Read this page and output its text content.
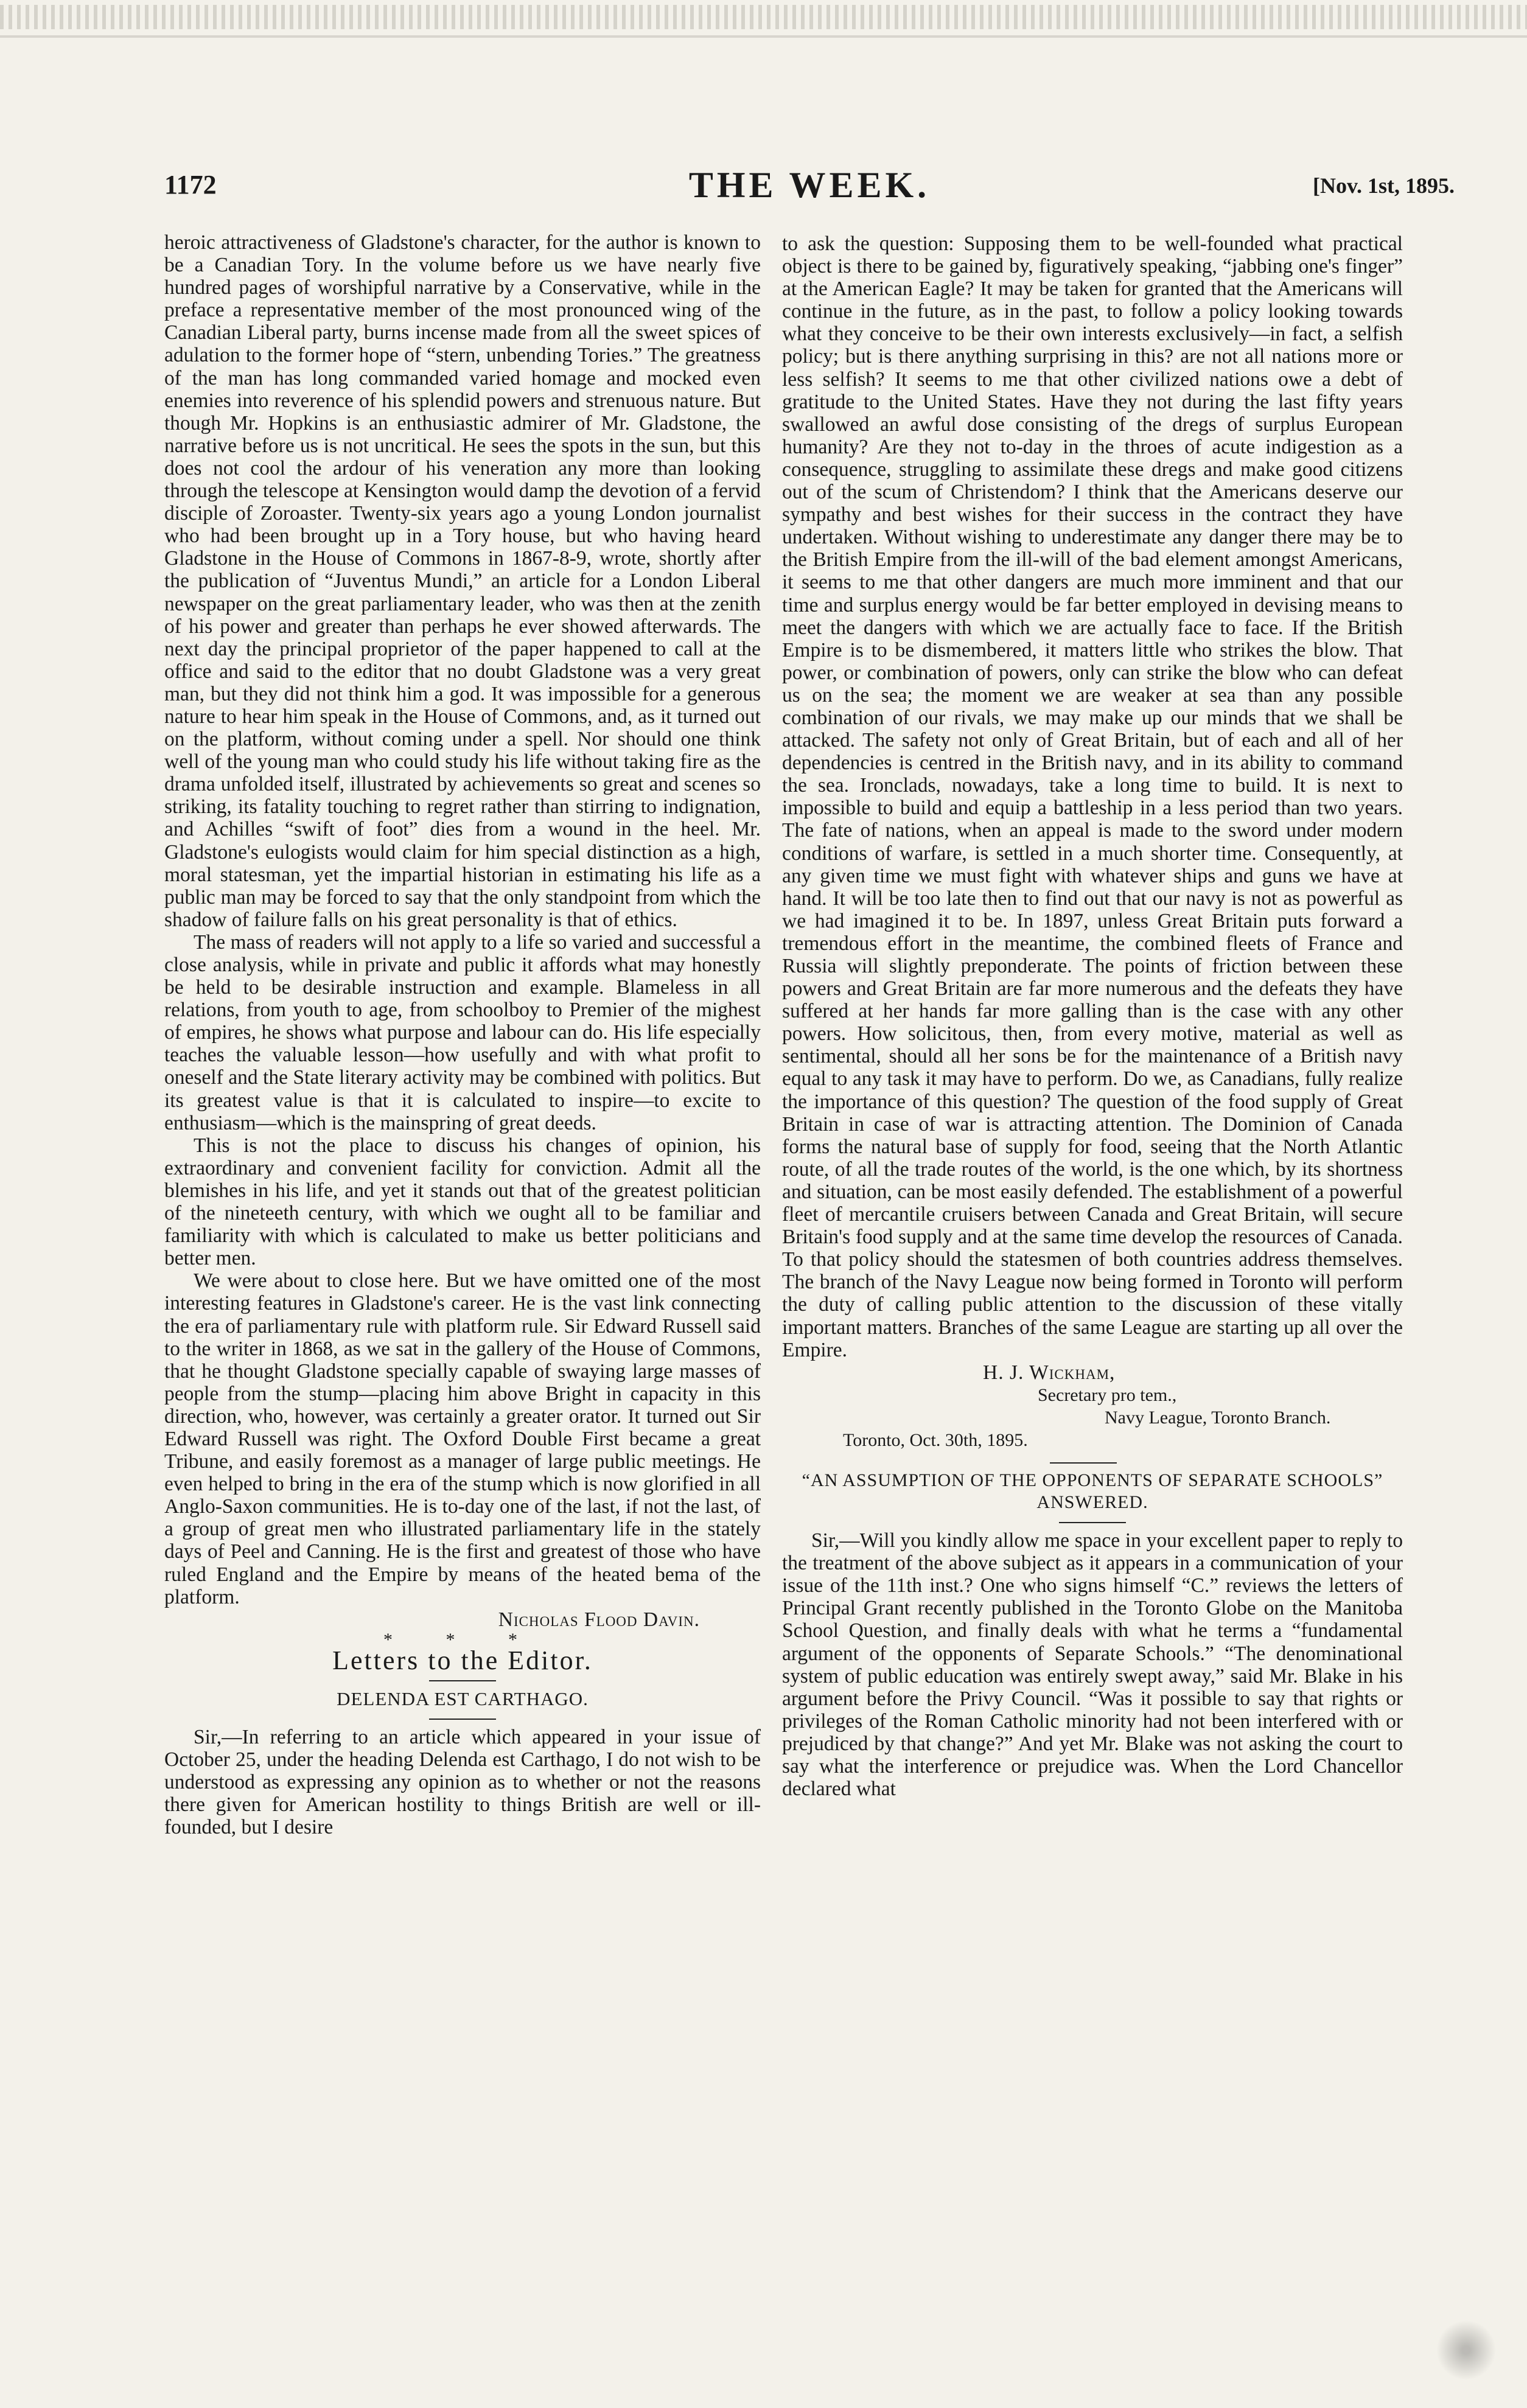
1172	THE WEEK.	[Nov. 1st, 1895.

heroic attractiveness of Gladstone's character, for the author is known to be a Canadian Tory. In the volume before us we have nearly five hundred pages of worshipful narrative by a Conservative, while in the preface a representative member of the most pronounced wing of the Canadian Liberal party, burns incense made from all the sweet spices of adulation to the former hope of “stern, unbending Tories.” The greatness of the man has long commanded varied homage and mocked even enemies into reverence of his splendid powers and strenuous nature. But though Mr. Hopkins is an enthusiastic admirer of Mr. Gladstone, the narrative before us is not uncritical. He sees the spots in the sun, but this does not cool the ardour of his veneration any more than looking through the telescope at Kensington would damp the devotion of a fervid disciple of Zoroaster. Twenty-six years ago a young London journalist who had been brought up in a Tory house, but who having heard Gladstone in the House of Commons in 1867-8-9, wrote, shortly after the publication of “Juventus Mundi,” an article for a London Liberal newspaper on the great parliamentary leader, who was then at the zenith of his power and greater than perhaps he ever showed afterwards. The next day the principal proprietor of the paper happened to call at the office and said to the editor that no doubt Gladstone was a very great man, but they did not think him a god. It was impossible for a generous nature to hear him speak in the House of Commons, and, as it turned out on the platform, without coming under a spell. Nor should one think well of the young man who could study his life without taking fire as the drama unfolded itself, illustrated by achievements so great and scenes so striking, its fatality touching to regret rather than stirring to indignation, and Achilles “swift of foot” dies from a wound in the heel. Mr. Gladstone's eulogists would claim for him special distinction as a high, moral statesman, yet the impartial historian in estimating his life as a public man may be forced to say that the only standpoint from which the shadow of failure falls on his great personality is that of ethics.

The mass of readers will not apply to a life so varied and successful a close analysis, while in private and public it affords what may honestly be held to be desirable instruction and example. Blameless in all relations, from youth to age, from schoolboy to Premier of the mighest of empires, he shows what purpose and labour can do. His life especially teaches the valuable lesson—how usefully and with what profit to oneself and the State literary activity may be combined with politics. But its greatest value is that it is calculated to inspire—to excite to enthusiasm—which is the mainspring of great deeds.

This is not the place to discuss his changes of opinion, his extraordinary and convenient facility for conviction. Admit all the blemishes in his life, and yet it stands out that of the greatest politician of the nineteeth century, with which we ought all to be familiar and familiarity with which is calculated to make us better politicians and better men.

We were about to close here. But we have omitted one of the most interesting features in Gladstone's career. He is the vast link connecting the era of parliamentary rule with platform rule. Sir Edward Russell said to the writer in 1868, as we sat in the gallery of the House of Commons, that he thought Gladstone specially capable of swaying large masses of people from the stump—placing him above Bright in capacity in this direction, who, however, was certainly a greater orator. It turned out Sir Edward Russell was right. The Oxford Double First became a great Tribune, and easily foremost as a manager of large public meetings. He even helped to bring in the era of the stump which is now glorified in all Anglo-Saxon communities. He is to-day one of the last, if not the last, of a group of great men who illustrated parliamentary life in the stately days of Peel and Canning. He is the first and greatest of those who have ruled England and the Empire by means of the heated bema of the platform.

Nicholas Flood Davin.

* * *

Letters to the Editor.

DELENDA EST CARTHAGO.

Sir,—In referring to an article which appeared in your issue of October 25, under the heading Delenda est Carthago, I do not wish to be understood as expressing any opinion as to whether or not the reasons there given for American hostility to things British are well or ill-founded, but I desire

to ask the question: Supposing them to be well-founded what practical object is there to be gained by, figuratively speaking, “jabbing one's finger” at the American Eagle? It may be taken for granted that the Americans will continue in the future, as in the past, to follow a policy looking towards what they conceive to be their own interests exclusively—in fact, a selfish policy; but is there anything surprising in this? are not all nations more or less selfish? It seems to me that other civilized nations owe a debt of gratitude to the United States. Have they not during the last fifty years swallowed an awful dose consisting of the dregs of surplus European humanity? Are they not to-day in the throes of acute indigestion as a consequence, struggling to assimilate these dregs and make good citizens out of the scum of Christendom? I think that the Americans deserve our sympathy and best wishes for their success in the contract they have undertaken. Without wishing to underestimate any danger there may be to the British Empire from the ill-will of the bad element amongst Americans, it seems to me that other dangers are much more imminent and that our time and surplus energy would be far better employed in devising means to meet the dangers with which we are actually face to face. If the British Empire is to be dismembered, it matters little who strikes the blow. That power, or combination of powers, only can strike the blow who can defeat us on the sea; the moment we are weaker at sea than any possible combination of our rivals, we may make up our minds that we shall be attacked. The safety not only of Great Britain, but of each and all of her dependencies is centred in the British navy, and in its ability to command the sea. Ironclads, nowadays, take a long time to build. It is next to impossible to build and equip a battleship in a less period than two years. The fate of nations, when an appeal is made to the sword under modern conditions of warfare, is settled in a much shorter time. Consequently, at any given time we must fight with whatever ships and guns we have at hand. It will be too late then to find out that our navy is not as powerful as we had imagined it to be. In 1897, unless Great Britain puts forward a tremendous effort in the meantime, the combined fleets of France and Russia will slightly preponderate. The points of friction between these powers and Great Britain are far more numerous and the defeats they have suffered at her hands far more galling than is the case with any other powers. How solicitous, then, from every motive, material as well as sentimental, should all her sons be for the maintenance of a British navy equal to any task it may have to perform. Do we, as Canadians, fully realize the importance of this question? The question of the food supply of Great Britain in case of war is attracting attention. The Dominion of Canada forms the natural base of supply for food, seeing that the North Atlantic route, of all the trade routes of the world, is the one which, by its shortness and situation, can be most easily defended. The establishment of a powerful fleet of mercantile cruisers between Canada and Great Britain, will secure Britain's food supply and at the same time develop the resources of Canada. To that policy should the statesmen of both countries address themselves. The branch of the Navy League now being formed in Toronto will perform the duty of calling public attention to the discussion of these vitally important matters. Branches of the same League are starting up all over the Empire.

H. J. Wickham,

Secretary pro tem.,

Navy League, Toronto Branch.

Toronto, Oct. 30th, 1895.

“AN ASSUMPTION OF THE OPPONENTS OF SEPARATE SCHOOLS” ANSWERED.

Sir,—Will you kindly allow me space in your excellent paper to reply to the treatment of the above subject as it appears in a communication of your issue of the 11th inst.? One who signs himself “C.” reviews the letters of Principal Grant recently published in the Toronto Globe on the Manitoba School Question, and finally deals with what he terms a “fundamental argument of the opponents of Separate Schools.” “The denominational system of public education was entirely swept away,” said Mr. Blake in his argument before the Privy Council. “Was it possible to say that rights or privileges of the Roman Catholic minority had not been interfered with or prejudiced by that change?” And yet Mr. Blake was not asking the court to say what the interference or prejudice was. When the Lord Chancellor declared what
